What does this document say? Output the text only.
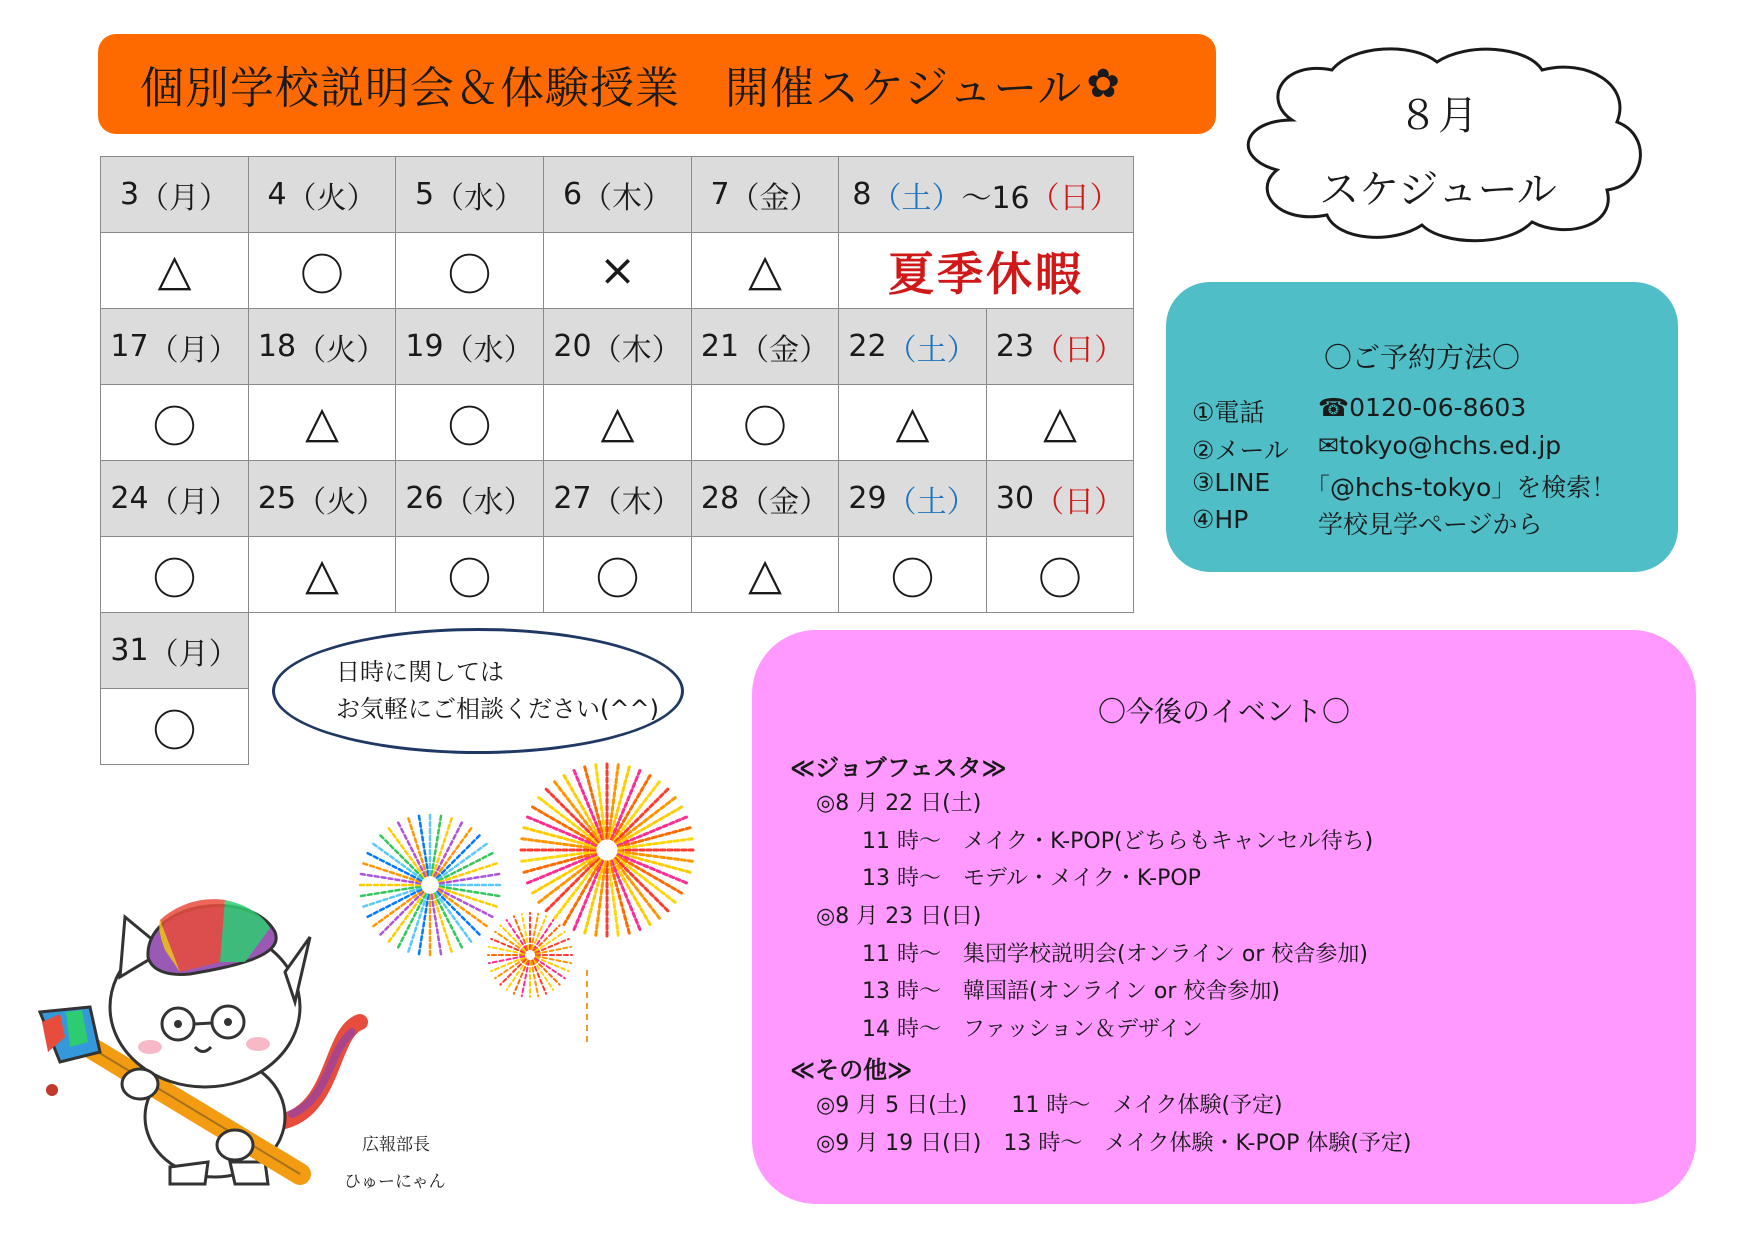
個別学校説明会＆体験授業　開催スケジュール ✿
８月
スケジュール
3 （月） 4 （火） 5 （水） 6 （木） 7 （金） 8 （土） ～16 （日）
△	〇	〇	×	△	夏季休暇
17 （月） 18 （火） 19 （水） 20 （木） 21 （金） 22 （土） 23 （日）
〇	△	〇	△	〇	△	△
24 （月） 25 （火） 26 （水） 27 （木） 28 （金） 29 （土） 30 （日）
〇	△	〇	〇	△	〇	〇
31 （月）
〇
日時に関しては
お気軽にご相談ください(^^)
〇ご予約方法〇
①電話 ☎0120-06-8603
②メール ✉tokyo@hchs.ed.jp
③LINE 「@hchs-tokyo」を検索！
④HP	学校見学ページから
〇今後のイベント〇
≪ジョブフェスタ≫
◎8 月 22 日(土)
11 時～　メイク・K-POP(どちらもキャンセル待ち)
13 時～　モデル・メイク・K-POP
◎8 月 23 日(日)
11 時～　集団学校説明会(オンライン or 校舎参加)
13 時～　韓国語(オンライン or 校舎参加)
14 時～　ファッション＆デザイン
≪その他≫
◎9 月 5 日(土)　　11 時～　メイク体験(予定)
◎9 月 19 日(日)　13 時～　メイク体験・K-POP 体験(予定)
広報部長
ひゅーにゃん
